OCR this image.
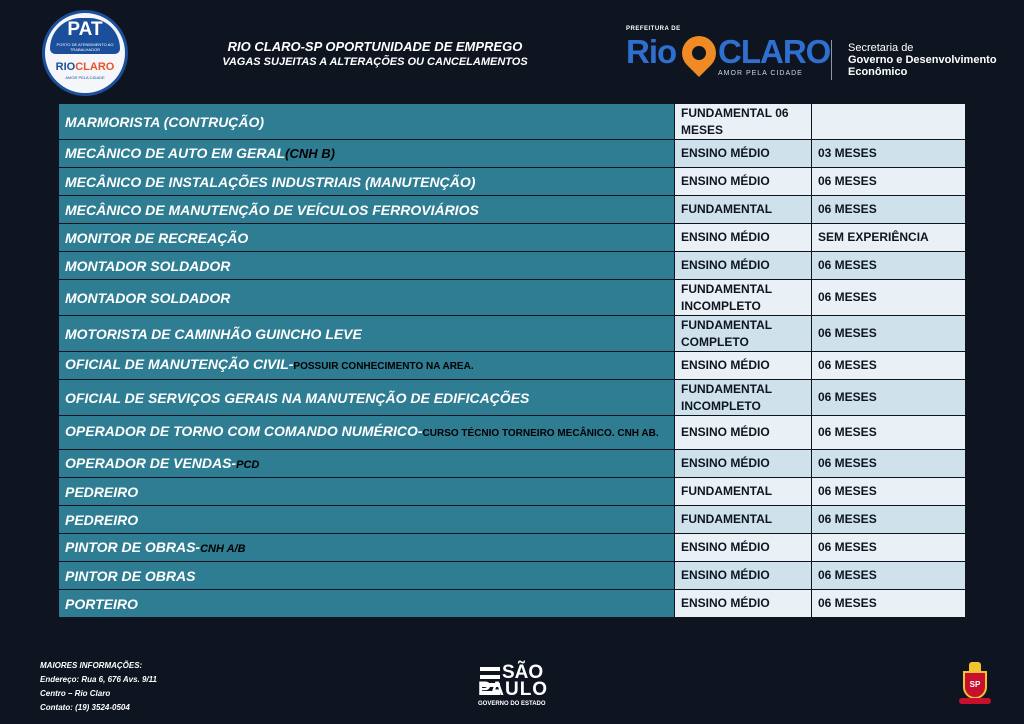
PAT
POSTO DE ATENDIMENTO AO TRABALHADOR
RIOCLARO
AMOR PELA CIDADE
RIO CLARO-SP OPORTUNIDADE DE EMPREGO
VAGAS SUJEITAS A ALTERAÇÕES OU CANCELAMENTOS
PREFEITURA DE
Rio CLARO
AMOR PELA CIDADE
Secretaria de
Governo e Desenvolvimento
Econômico
MARMORISTA (CONTRUÇÃO)	FUNDAMENTAL 06 MESES	
MECÂNICO DE AUTO EM GERAL(CNH B)	ENSINO MÉDIO	03 MESES
MECÂNICO DE INSTALAÇÕES INDUSTRIAIS (MANUTENÇÃO)	ENSINO MÉDIO	06 MESES
MECÂNICO DE MANUTENÇÃO DE VEÍCULOS FERROVIÁRIOS	FUNDAMENTAL	06 MESES
MONITOR DE RECREAÇÃO	ENSINO MÉDIO	SEM EXPERIÊNCIA
MONTADOR SOLDADOR	ENSINO MÉDIO	06 MESES
MONTADOR SOLDADOR	FUNDAMENTAL INCOMPLETO	06 MESES
MOTORISTA DE CAMINHÃO GUINCHO LEVE	FUNDAMENTAL COMPLETO	06 MESES
OFICIAL DE MANUTENÇÃO CIVIL-POSSUIR CONHECIMENTO NA AREA.	ENSINO MÉDIO	06 MESES
OFICIAL DE SERVIÇOS GERAIS NA MANUTENÇÃO DE EDIFICAÇÕES	FUNDAMENTAL INCOMPLETO	06 MESES
OPERADOR DE TORNO COM COMANDO NUMÉRICO-CURSO TÉCNIO TORNEIRO MECÂNICO. CNH AB.	ENSINO MÉDIO	06 MESES
OPERADOR DE VENDAS-PCD	ENSINO MÉDIO	06 MESES
PEDREIRO	FUNDAMENTAL	06 MESES
PEDREIRO	FUNDAMENTAL	06 MESES
PINTOR DE OBRAS-CNH A/B	ENSINO MÉDIO	06 MESES
PINTOR DE OBRAS	ENSINO MÉDIO	06 MESES
PORTEIRO	ENSINO MÉDIO	06 MESES
MAIORES INFORMAÇÕES:
Endereço: Rua 6, 676 Avs. 9/11
Centro – Rio Claro
Contato: (19) 3524-0504
SÃO
PAULO
GOVERNO DO ESTADO
SP
